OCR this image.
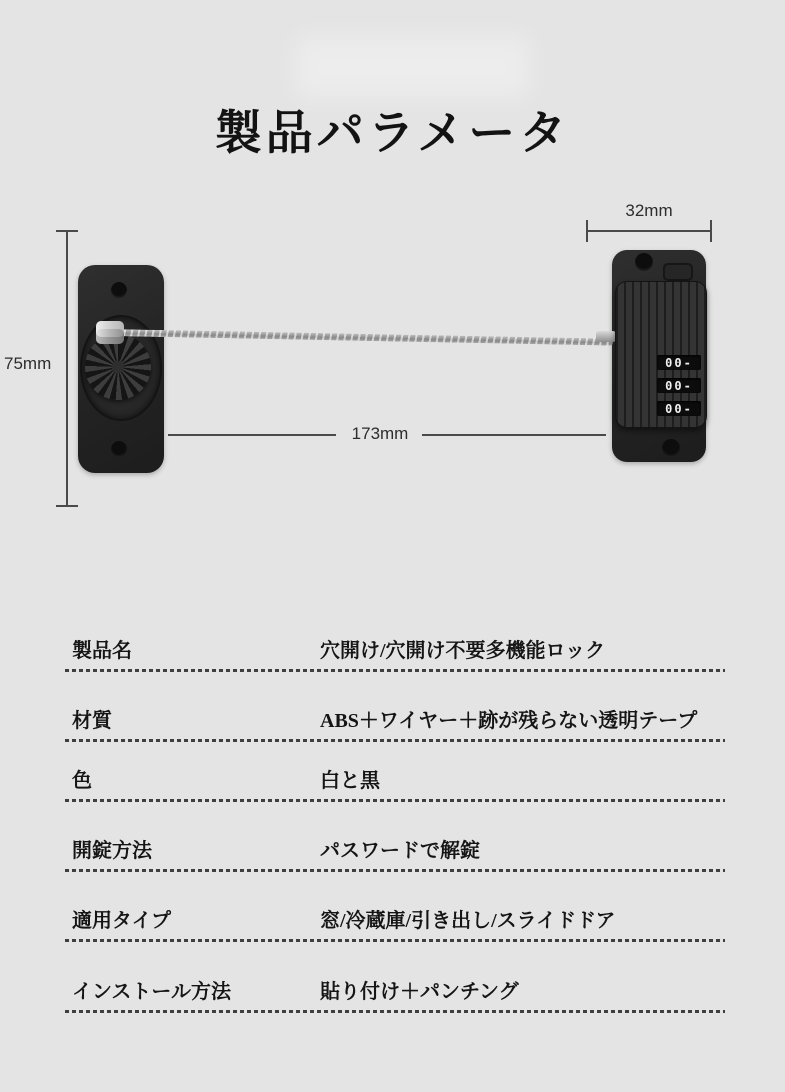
製品パラメータ
32mm
75mm
173mm
00-
00-
00-
製品名	穴開け/穴開け不要多機能ロック
材質	ABS＋ワイヤー＋跡が残らない透明テープ
色	白と黒
開錠方法	パスワードで解錠
適用タイプ	窓/冷蔵庫/引き出し/スライドドア
インストール方法	貼り付け＋パンチング
